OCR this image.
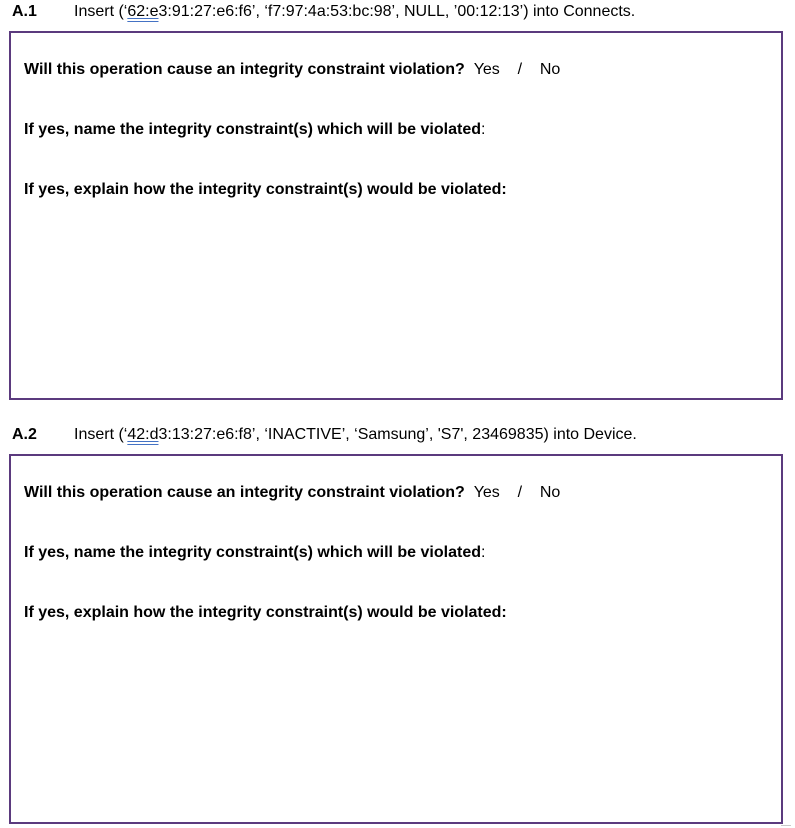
A.1 Insert (‘62:e3:91:27:e6:f6’, ‘f7:97:4a:53:bc:98’, NULL, ’00:12:13’) into Connects.
Will this operation cause an integrity constraint violation? Yes / No
If yes, name the integrity constraint(s) which will be violated:
If yes, explain how the integrity constraint(s) would be violated:
A.2 Insert (‘42:d3:13:27:e6:f8’, ‘INACTIVE’, ‘Samsung’, 'S7', 23469835) into Device.
Will this operation cause an integrity constraint violation? Yes / No
If yes, name the integrity constraint(s) which will be violated:
If yes, explain how the integrity constraint(s) would be violated:
